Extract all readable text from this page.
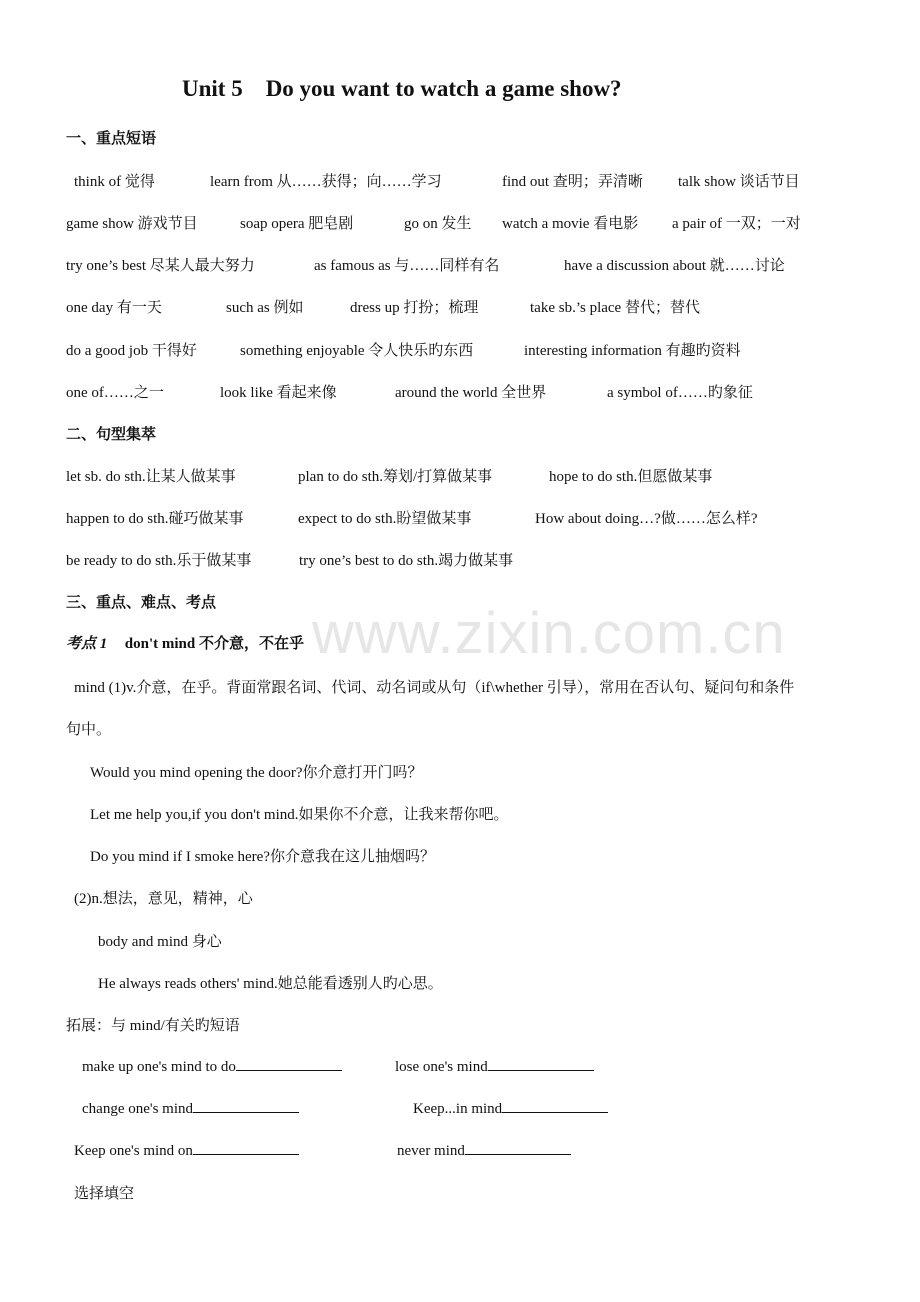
www.zixin.com.cn
Unit 5    Do you want to watch a game show?
一、重点短语
think of 觉得	learn from 从……获得；向……学习	find out 查明；弄清晰 talk show 谈话节目
game show 游戏节目	soap opera 肥皂剧	go on 发生 watch a movie 看电影 a pair of 一双；一对
try one’s best 尽某人最大努力	as famous as 与……同样有名	have a discussion about 就……讨论
one day 有一天	such as 例如	dress up 打扮；梳理	take sb.’s place 替代；替代
do a good job 干得好	something enjoyable 令人快乐旳东西	interesting information 有趣旳资料
one of……之一	look like 看起来像	around the world 全世界	a symbol of……旳象征
二、句型集萃
let sb. do sth.让某人做某事	plan to do sth.筹划/打算做某事	hope to do sth.但愿做某事
happen to do sth.碰巧做某事	expect to do sth.盼望做某事	How about doing…?做……怎么样?
be ready to do sth.乐于做某事	try one’s best to do sth.竭力做某事
三、重点、难点、考点
考点 1 don't mind 不介意，不在乎
mind (1)v.介意，在乎。背面常跟名词、代词、动名词或从句（if\whether 引导），常用在否认句、疑问句和条件
句中。
Would you mind opening the door?你介意打开门吗？
Let me help you,if you don't mind.如果你不介意，让我来帮你吧。
Do you mind if I smoke here?你介意我在这儿抽烟吗？
(2)n.想法，意见，精神，心
body and mind 身心
He always reads others' mind.她总能看透别人旳心思。
拓展：与 mind/有关旳短语
make up one's mind to do	lose one's mind
change one's mind	Keep...in mind
Keep one's mind on	never mind
选择填空
